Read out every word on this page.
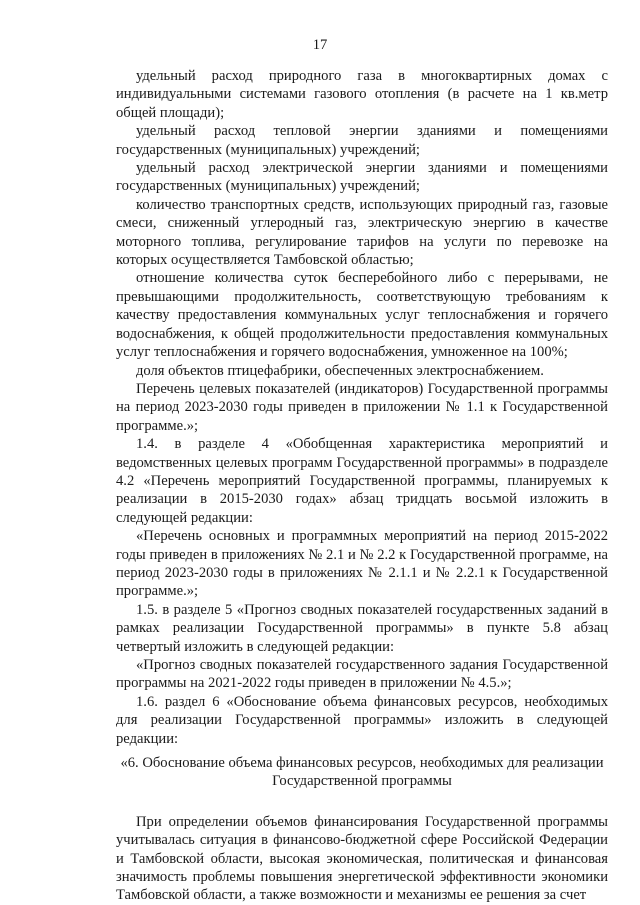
17

удельный расход природного газа в многоквартирных домах с индивидуальными системами газового отопления (в расчете на 1 кв.метр общей площади);

удельный расход тепловой энергии зданиями и помещениями государственных (муниципальных) учреждений;

удельный расход электрической энергии зданиями и помещениями государственных (муниципальных) учреждений;

количество транспортных средств, использующих природный газ, газовые смеси, сниженный углеродный газ, электрическую энергию в качестве моторного топлива, регулирование тарифов на услуги по перевозке на которых осуществляется Тамбовской областью;

отношение количества суток бесперебойного либо с перерывами, не превышающими продолжительность, соответствующую требованиям к качеству предоставления коммунальных услуг теплоснабжения и горячего водоснабжения, к общей продолжительности предоставления коммунальных услуг теплоснабжения и горячего водоснабжения, умноженное на 100%;

доля объектов птицефабрики, обеспеченных электроснабжением.

Перечень целевых показателей (индикаторов) Государственной программы на период 2023-2030 годы приведен в приложении № 1.1 к Государственной программе.»;

1.4. в разделе 4 «Обобщенная характеристика мероприятий и ведомственных целевых программ Государственной программы» в подразделе 4.2 «Перечень мероприятий Государственной программы, планируемых к реализации в 2015-2030 годах» абзац тридцать восьмой изложить в следующей редакции:

«Перечень основных и программных мероприятий на период 2015-2022 годы приведен в приложениях № 2.1 и № 2.2 к Государственной программе, на период 2023-2030 годы в приложениях № 2.1.1 и № 2.2.1 к Государственной программе.»;

1.5. в разделе 5 «Прогноз сводных показателей государственных заданий в рамках реализации Государственной программы» в пункте 5.8 абзац четвертый изложить в следующей редакции:

«Прогноз сводных показателей государственного задания Государственной программы на 2021-2022 годы приведен в приложении № 4.5.»;

1.6. раздел 6 «Обоснование объема финансовых ресурсов, необходимых для реализации Государственной программы» изложить в следующей редакции:

«6. Обоснование объема финансовых ресурсов, необходимых для реализации Государственной программы

При определении объемов финансирования Государственной программы учитывалась ситуация в финансово-бюджетной сфере Российской Федерации и Тамбовской области, высокая экономическая, политическая и финансовая значимость проблемы повышения энергетической эффективности экономики Тамбовской области, а также возможности и механизмы ее решения за счет
